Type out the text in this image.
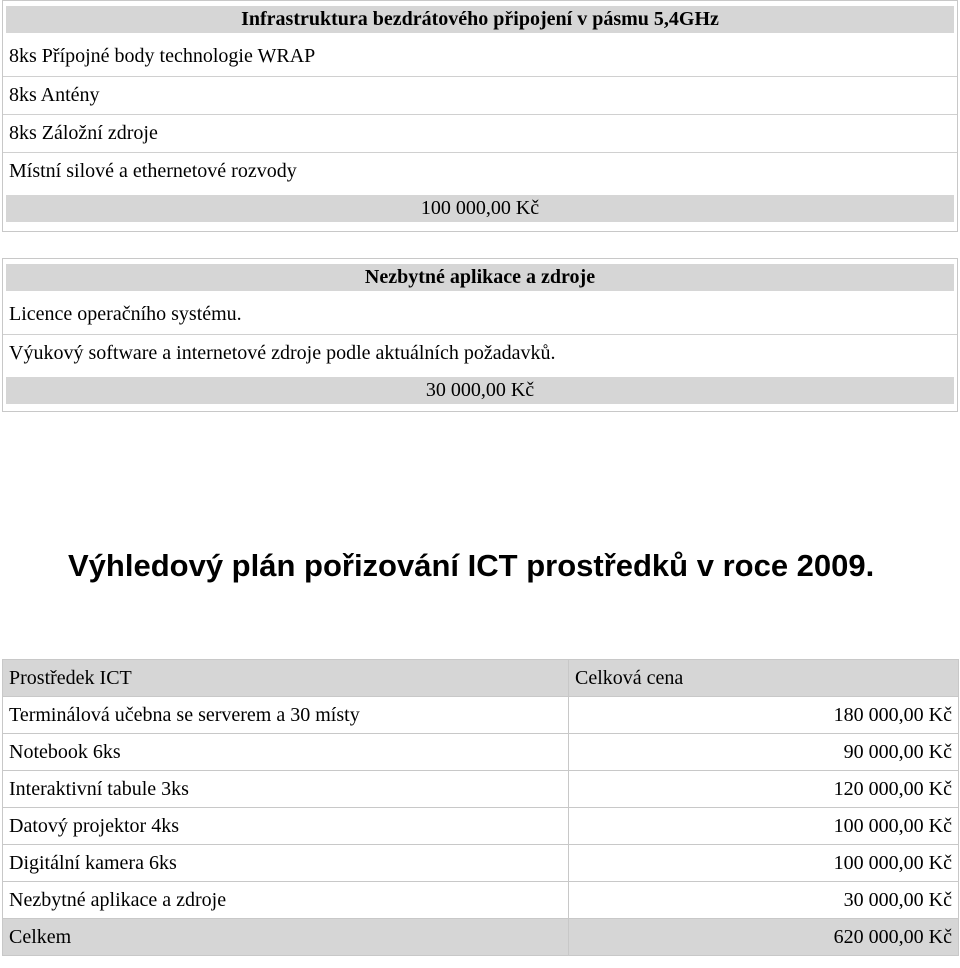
Infrastruktura bezdrátového připojení v pásmu 5,4GHz
8ks Přípojné body technologie WRAP
8ks Antény
8ks Záložní zdroje
Místní silové a ethernetové rozvody
100 000,00 Kč
Nezbytné aplikace a zdroje
Licence operačního systému.
Výukový software a internetové zdroje podle aktuálních požadavků.
30 000,00 Kč
Výhledový plán pořizování ICT prostředků v roce 2009.
Prostředek ICT	Celková cena
Terminálová učebna se serverem a 30 místy	180 000,00 Kč
Notebook 6ks	90 000,00 Kč
Interaktivní tabule 3ks	120 000,00 Kč
Datový projektor 4ks	100 000,00 Kč
Digitální kamera 6ks	100 000,00 Kč
Nezbytné aplikace a zdroje	30 000,00 Kč
Celkem	620 000,00 Kč
